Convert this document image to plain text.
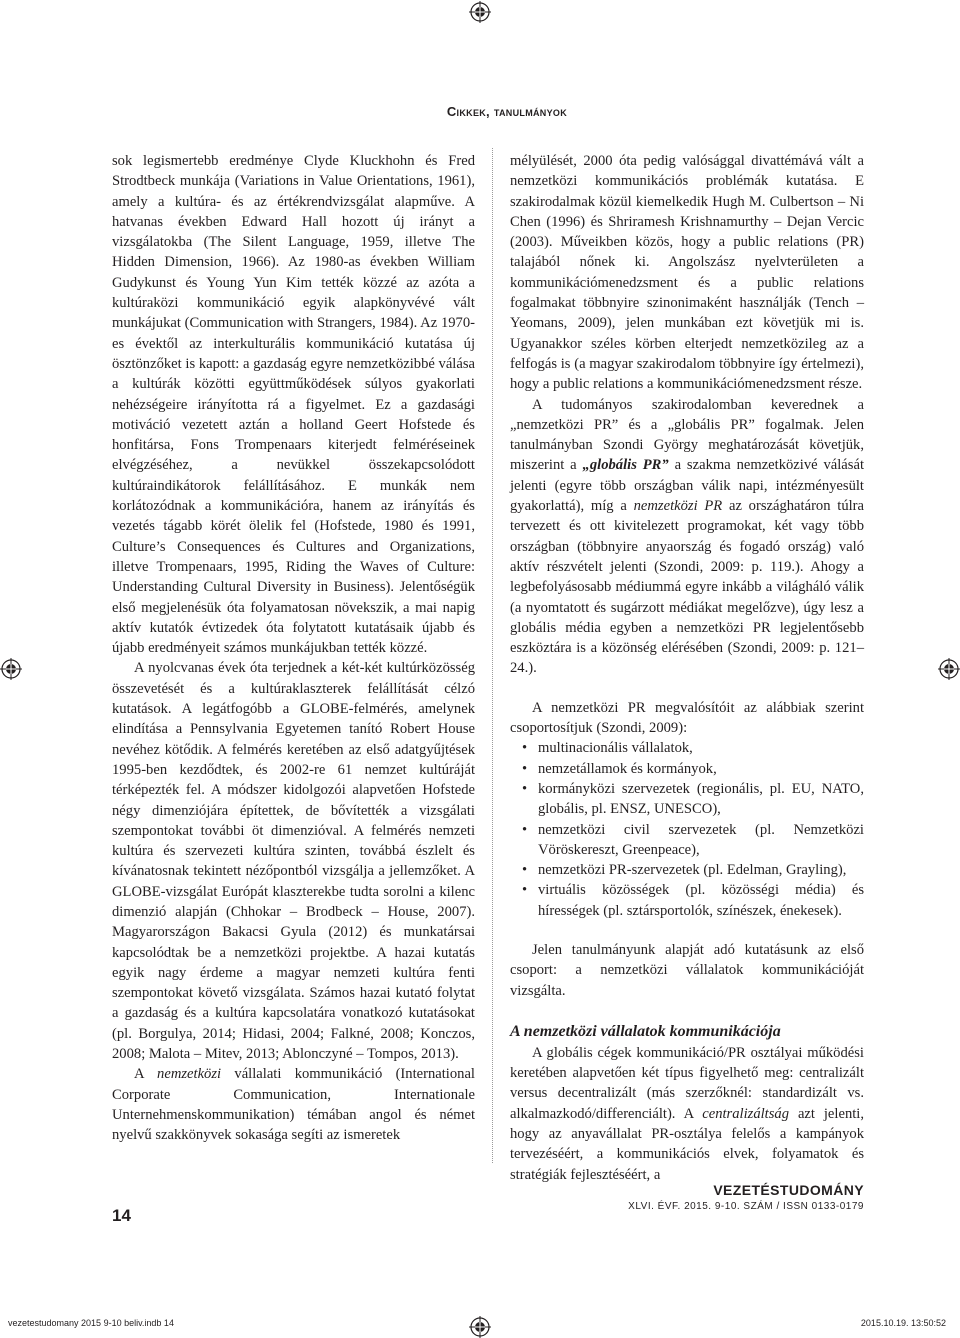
Cikkek, tanulmányok

sok legismertebb eredménye Clyde Kluckhohn és Fred Strodtbeck munkája (Variations in Value Orientations, 1961), amely a kultúra- és az értékrendvizsgálat alapműve. A hatvanas években Edward Hall hozott új irányt a vizsgálatokba (The Silent Language, 1959, illetve The Hidden Dimension, 1966). Az 1980-as években William Gudykunst és Young Yun Kim tették közzé az azóta a kultúraközi kommunikáció egyik alapkönyvévé vált munkájukat (Communication with Strangers, 1984). Az 1970-es évektől az interkulturális kommunikáció kutatása új ösztönzőket is kapott: a gazdaság egyre nemzetközibbé válása a kultúrák közötti együttműködések súlyos gyakorlati nehézségeire irányította rá a figyelmet. Ez a gazdasági motiváció vezetett aztán a holland Geert Hofstede és honfitársa, Fons Trompenaars kiterjedt felméréseinek elvégzéséhez, a nevükkel összekapcsolódott kultúraindikátorok felállításához. E munkák nem korlátozódnak a kommunikációra, hanem az irányítás és vezetés tágabb körét ölelik fel (Hofstede, 1980 és 1991, Culture’s Consequences és Cultures and Organizations, illetve Trompenaars, 1995, Riding the Waves of Culture: Understanding Cultural Diversity in Business). Jelentőségük első megjelenésük óta folyamatosan növekszik, a mai napig aktív kutatók évtizedek óta folytatott kutatásaik újabb és újabb eredményeit számos munkájukban tették közzé.

A nyolcvanas évek óta terjednek a két-két kultúrközösség összevetését és a kultúraklaszterek felállítását célzó kutatások. A legátfogóbb a GLOBE-felmérés, amelynek elindítása a Pennsylvania Egyetemen tanító Robert House nevéhez kötődik. A felmérés keretében az első adatgyűjtések 1995-ben kezdődtek, és 2002-re 61 nemzet kultúráját térképezték fel. A módszer kidolgozói alapvetően Hofstede négy dimenziójára építettek, de bővítették a vizsgálati szempontokat további öt dimenzióval. A felmérés nemzeti kultúra és szervezeti kultúra szinten, továbbá észlelt és kívánatosnak tekintett nézőpontból vizsgálja a jellemzőket. A GLOBE-vizsgálat Európát klaszterekbe tudta sorolni a kilenc dimenzió alapján (Chhokar – Brodbeck – House, 2007). Magyarországon Bakacsi Gyula (2012) és munkatársai kapcsolódtak be a nemzetközi projektbe. A hazai kutatás egyik nagy érdeme a magyar nemzeti kultúra fenti szempontokat követő vizsgálata. Számos hazai kutató folytat a gazdaság és a kultúra kapcsolatára vonatkozó kutatásokat (pl. Borgulya, 2014; Hidasi, 2004; Falkné, 2008; Konczos, 2008; Malota – Mitev, 2013; Ablonczyné – Tompos, 2013).

A nemzetközi vállalati kommunikáció (International Corporate Communication, Internationale Unternehmenskommunikation) témában angol és német nyelvű szakkönyvek sokasága segíti az ismeretek

mélyülését, 2000 óta pedig valósággal divattémává vált a nemzetközi kommunikációs problémák kutatása. E szakirodalmak közül kiemelkedik Hugh M. Culbertson – Ni Chen (1996) és Shriramesh Krishnamurthy – Dejan Vercic (2003). Műveikben közös, hogy a public relations (PR) talajából nőnek ki. Angolszász nyelvterületen a kommunikációmenedzsment és a public relations fogalmakat többnyire szinonimaként használják (Tench – Yeomans, 2009), jelen munkában ezt követjük mi is. Ugyanakkor széles körben elterjedt nemzetközileg az a felfogás is (a magyar szakirodalom többnyire így értelmezi), hogy a public relations a kommunikációmenedzsment része.

A tudományos szakirodalomban keverednek a „nemzetközi PR” és a „globális PR” fogalmak. Jelen tanulmányban Szondi György meghatározását követjük, miszerint a „globális PR” a szakma nemzetközivé válását jelenti (egyre több országban válik napi, intézményesült gyakorlattá), míg a nemzetközi PR az országhatáron túlra tervezett és ott kivitelezett programokat, két vagy több országban (többnyire anyaország és fogadó ország) való aktív részvételt jelenti (Szondi, 2009: p. 119.). Ahogy a legbefolyásosabb médiummá egyre inkább a világháló válik (a nyomtatott és sugárzott médiákat megelőzve), úgy lesz a globális média egyben a nemzetközi PR legjelentősebb eszköztára is a közönség elérésében (Szondi, 2009: p. 121–24.).

A nemzetközi PR megvalósítóit az alábbiak szerint csoportosítjuk (Szondi, 2009):

• multinacionális vállalatok,
• nemzetállamok és kormányok,
• kormányközi szervezetek (regionális, pl. EU, NATO, globális, pl. ENSZ, UNESCO),
• nemzetközi civil szervezetek (pl. Nemzetközi Vöröskereszt, Greenpeace),
• nemzetközi PR-szervezetek (pl. Edelman, Grayling),
• virtuális közösségek (pl. közösségi média) és hírességek (pl. sztársportolók, színészek, énekesek).

Jelen tanulmányunk alapját adó kutatásunk az első csoport: a nemzetközi vállalatok kommunikációját vizsgálta.

A nemzetközi vállalatok kommunikációja

A globális cégek kommunikáció/PR osztályai működési keretében alapvetően két típus figyelhető meg: centralizált versus decentralizált (más szerzőknél: standardizált vs. alkalmazkodó/differenciált). A centralizáltság azt jelenti, hogy az anyavállalat PR-osztálya felelős a kampányok tervezéséért, a kommunikációs elvek, folyamatok és stratégiák fejlesztéséért, a

14
VEZETÉSTUDOMÁNY
XLVI. ÉVF. 2015. 9-10. SZÁM / ISSN 0133-0179
vezetestudomany 2015 9-10 beliv.indb 14	2015.10.19. 13:50:52
